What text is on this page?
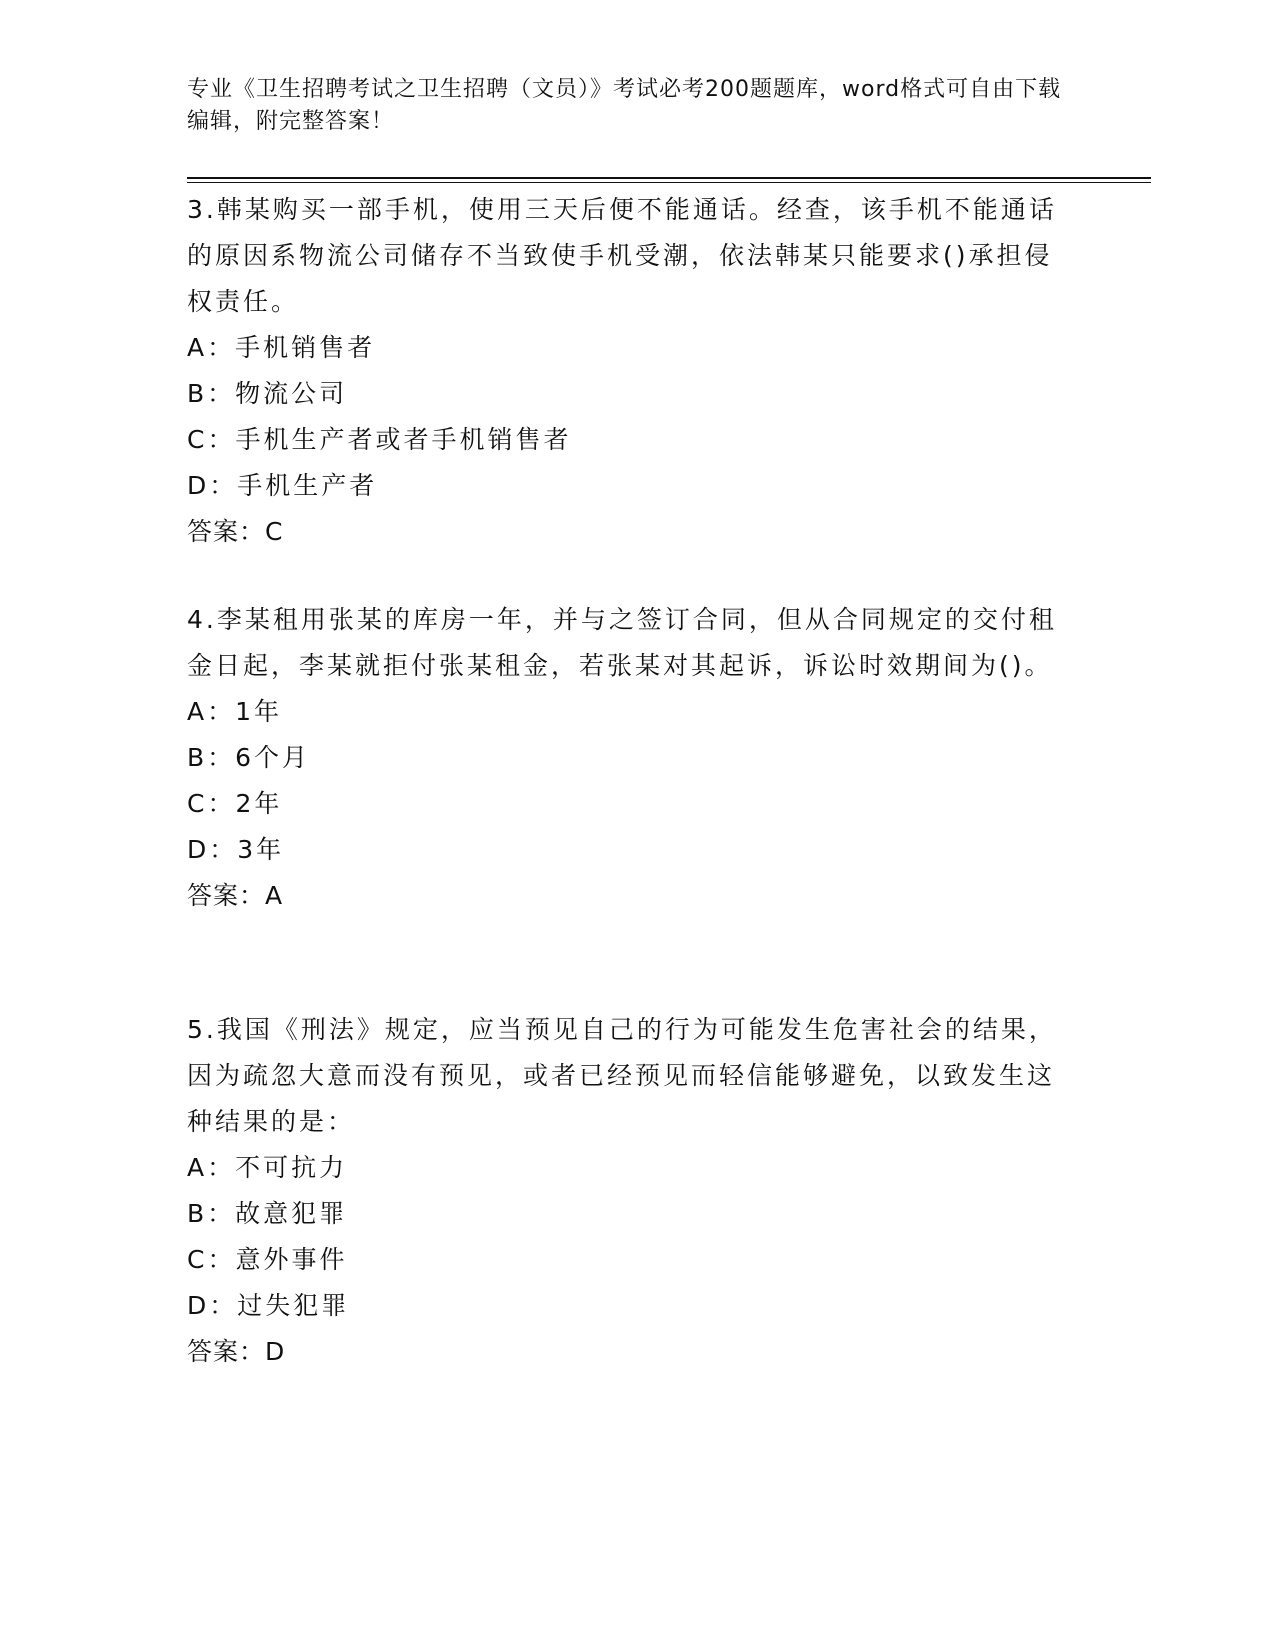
专业《卫生招聘考试之卫生招聘（文员）》考试必考200题题库，word格式可自由下载编辑，附完整答案！

3.韩某购买一部手机，使用三天后便不能通话。经查，该手机不能通话的原因系物流公司储存不当致使手机受潮，依法韩某只能要求()承担侵权责任。

A：手机销售者

B：物流公司

C：手机生产者或者手机销售者

D：手机生产者

答案：C

4.李某租用张某的库房一年，并与之签订合同，但从合同规定的交付租金日起，李某就拒付张某租金，若张某对其起诉，诉讼时效期间为()。

A：1年

B：6个月

C：2年

D：3年

答案：A

5.我国《刑法》规定，应当预见自己的行为可能发生危害社会的结果，因为疏忽大意而没有预见，或者已经预见而轻信能够避免，以致发生这种结果的是：

A：不可抗力

B：故意犯罪

C：意外事件

D：过失犯罪

答案：D
